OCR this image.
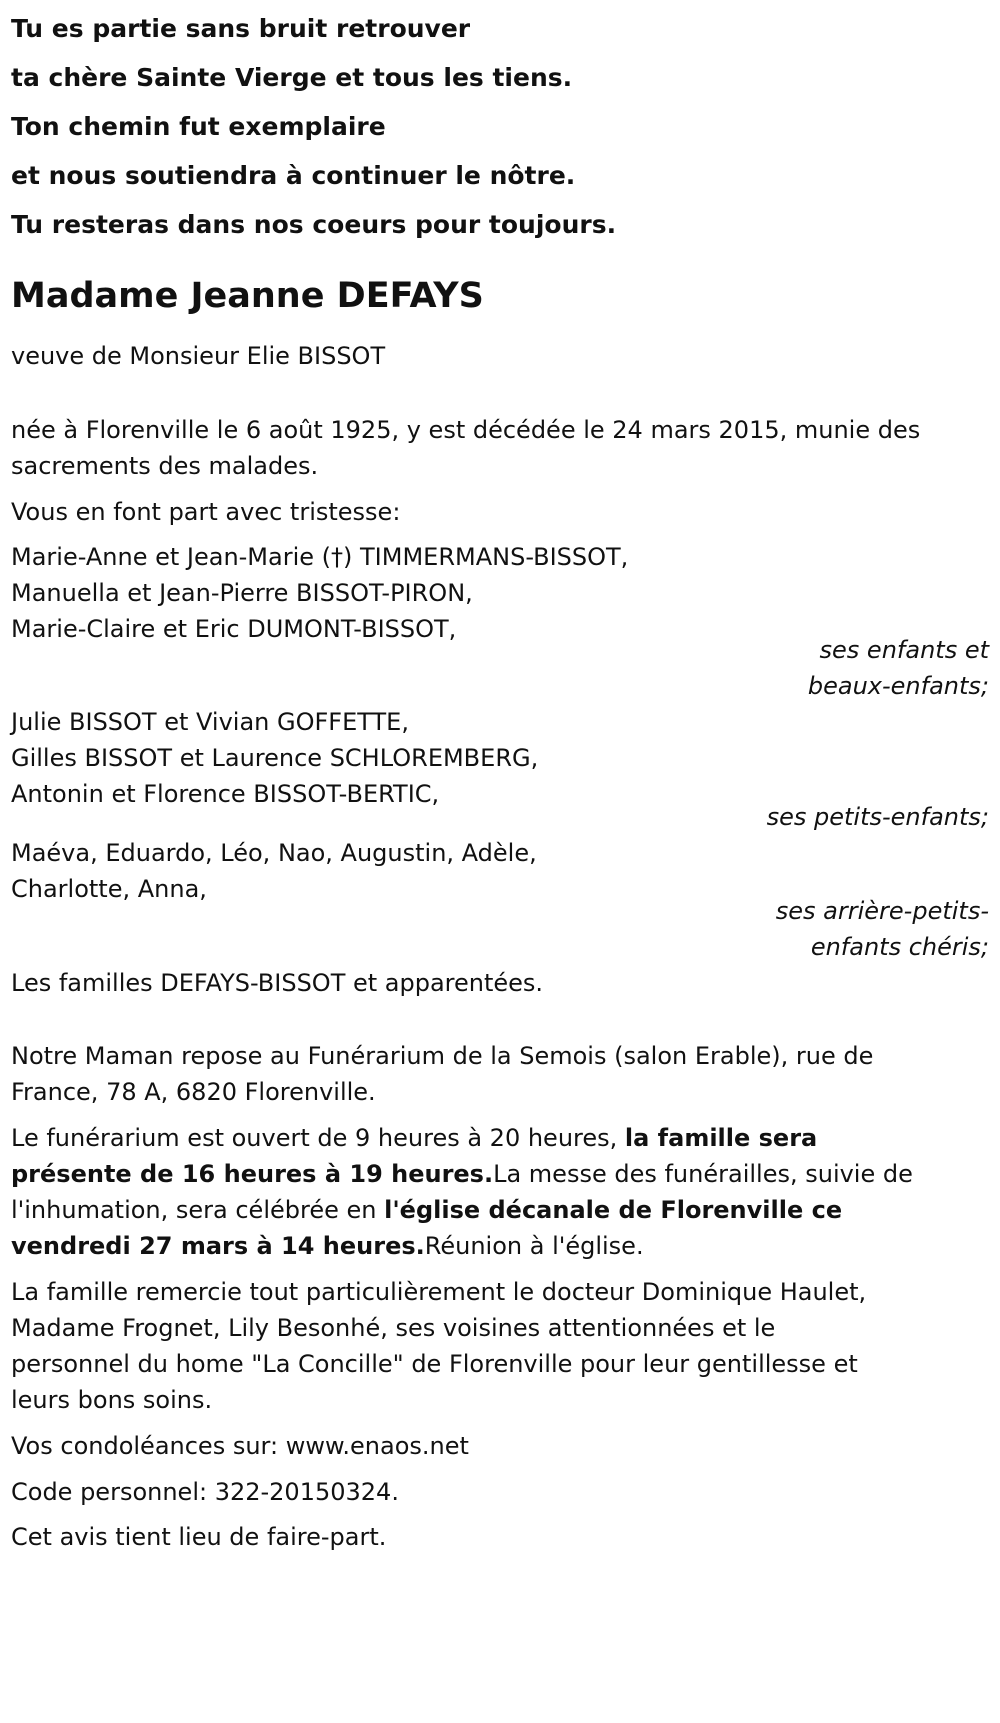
Tu es partie sans bruit retrouver
ta chère Sainte Vierge et tous les tiens.
Ton chemin fut exemplaire
et nous soutiendra à continuer le nôtre.
Tu resteras dans nos coeurs pour toujours.
Madame Jeanne DEFAYS
veuve de Monsieur Elie BISSOT
née à Florenville le 6 août 1925, y est décédée le 24 mars 2015, munie des
sacrements des malades.
Vous en font part avec tristesse:
Marie-Anne et Jean-Marie (†) TIMMERMANS-BISSOT,
Manuella et Jean-Pierre BISSOT-PIRON,
Marie-Claire et Eric DUMONT-BISSOT,
ses enfants et
beaux-enfants;
Julie BISSOT et Vivian GOFFETTE,
Gilles BISSOT et Laurence SCHLOREMBERG,
Antonin et Florence BISSOT-BERTIC,
ses petits-enfants;
Maéva, Eduardo, Léo, Nao, Augustin, Adèle,
Charlotte, Anna,
ses arrière-petits-
enfants chéris;
Les familles DEFAYS-BISSOT et apparentées.
Notre Maman repose au Funérarium de la Semois (salon Erable), rue de
France, 78 A, 6820 Florenville.
Le funérarium est ouvert de 9 heures à 20 heures, la famille sera
présente de 16 heures à 19 heures.La messe des funérailles, suivie de
l'inhumation, sera célébrée en l'église décanale de Florenville ce
vendredi 27 mars à 14 heures.Réunion à l'église.
La famille remercie tout particulièrement le docteur Dominique Haulet,
Madame Frognet, Lily Besonhé, ses voisines attentionnées et le
personnel du home "La Concille" de Florenville pour leur gentillesse et
leurs bons soins.
Vos condoléances sur: www.enaos.net
Code personnel: 322-20150324.
Cet avis tient lieu de faire-part.
